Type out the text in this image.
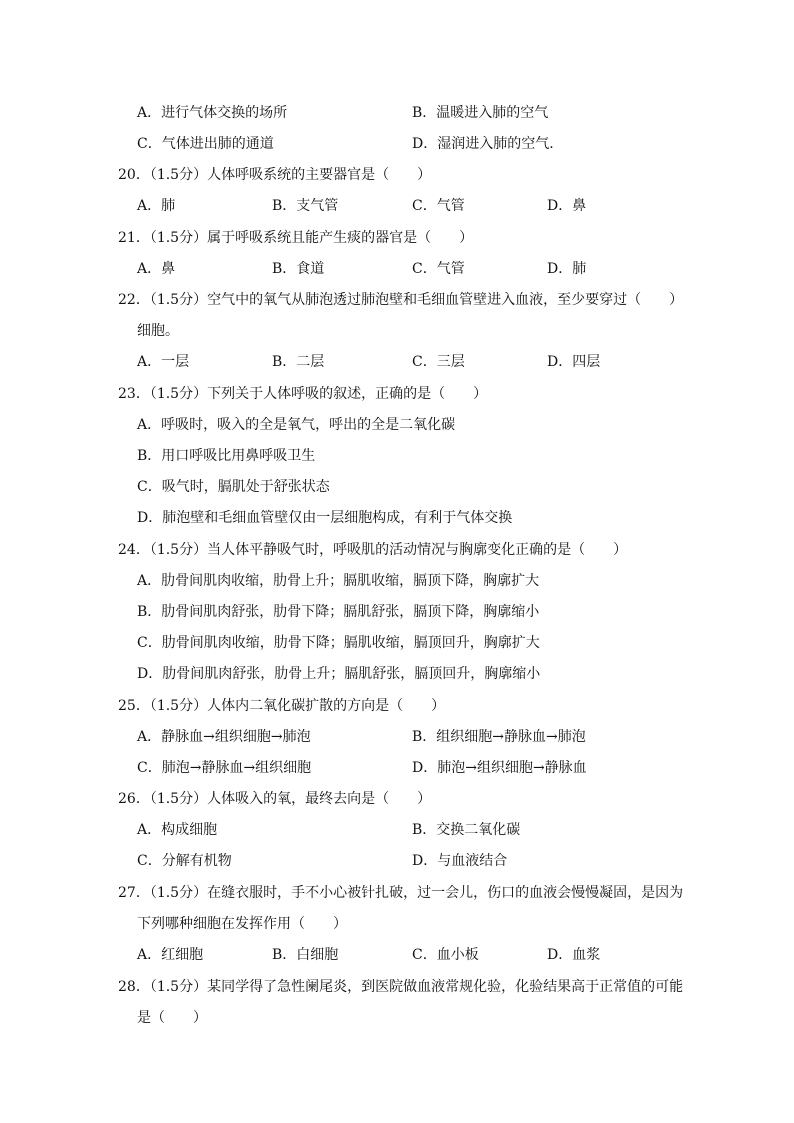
A．进行气体交换的场所	B．温暖进入肺的空气
C．气体进出肺的通道	D．湿润进入肺的空气.
20．（1.5分）人体呼吸系统的主要器官是（　　）
A．肺	B．支气管	C．气管	D．鼻
21．（1.5分）属于呼吸系统且能产生痰的器官是（　　）
A．鼻	B．食道	C．气管	D．肺
22．（1.5分）空气中的氧气从肺泡透过肺泡壁和毛细血管壁进入血液，至少要穿过（　　）
细胞。
A．一层	B．二层	C．三层	D．四层
23．（1.5分）下列关于人体呼吸的叙述，正确的是（　　）
A．呼吸时，吸入的全是氧气，呼出的全是二氧化碳
B．用口呼吸比用鼻呼吸卫生
C．吸气时，膈肌处于舒张状态
D．肺泡壁和毛细血管壁仅由一层细胞构成，有利于气体交换
24．（1.5分）当人体平静吸气时，呼吸肌的活动情况与胸廓变化正确的是（　　）
A．肋骨间肌肉收缩，肋骨上升；膈肌收缩，膈顶下降，胸廓扩大
B．肋骨间肌肉舒张，肋骨下降；膈肌舒张，膈顶下降，胸廓缩小
C．肋骨间肌肉收缩，肋骨下降；膈肌收缩，膈顶回升，胸廓扩大
D．肋骨间肌肉舒张，肋骨上升；膈肌舒张，膈顶回升，胸廓缩小
25．（1.5分）人体内二氧化碳扩散的方向是（　　）
A．静脉血→组织细胞→肺泡	B．组织细胞→静脉血→肺泡
C．肺泡→静脉血→组织细胞	D．肺泡→组织细胞→静脉血
26．（1.5分）人体吸入的氧，最终去向是（　　）
A．构成细胞	B．交换二氧化碳
C．分解有机物	D．与血液结合
27．（1.5分）在缝衣服时，手不小心被针扎破，过一会儿，伤口的血液会慢慢凝固，是因为
下列哪种细胞在发挥作用（　　）
A．红细胞	B．白细胞	C．血小板	D．血浆
28．（1.5分）某同学得了急性阑尾炎，到医院做血液常规化验，化验结果高于正常值的可能
是（　　）
